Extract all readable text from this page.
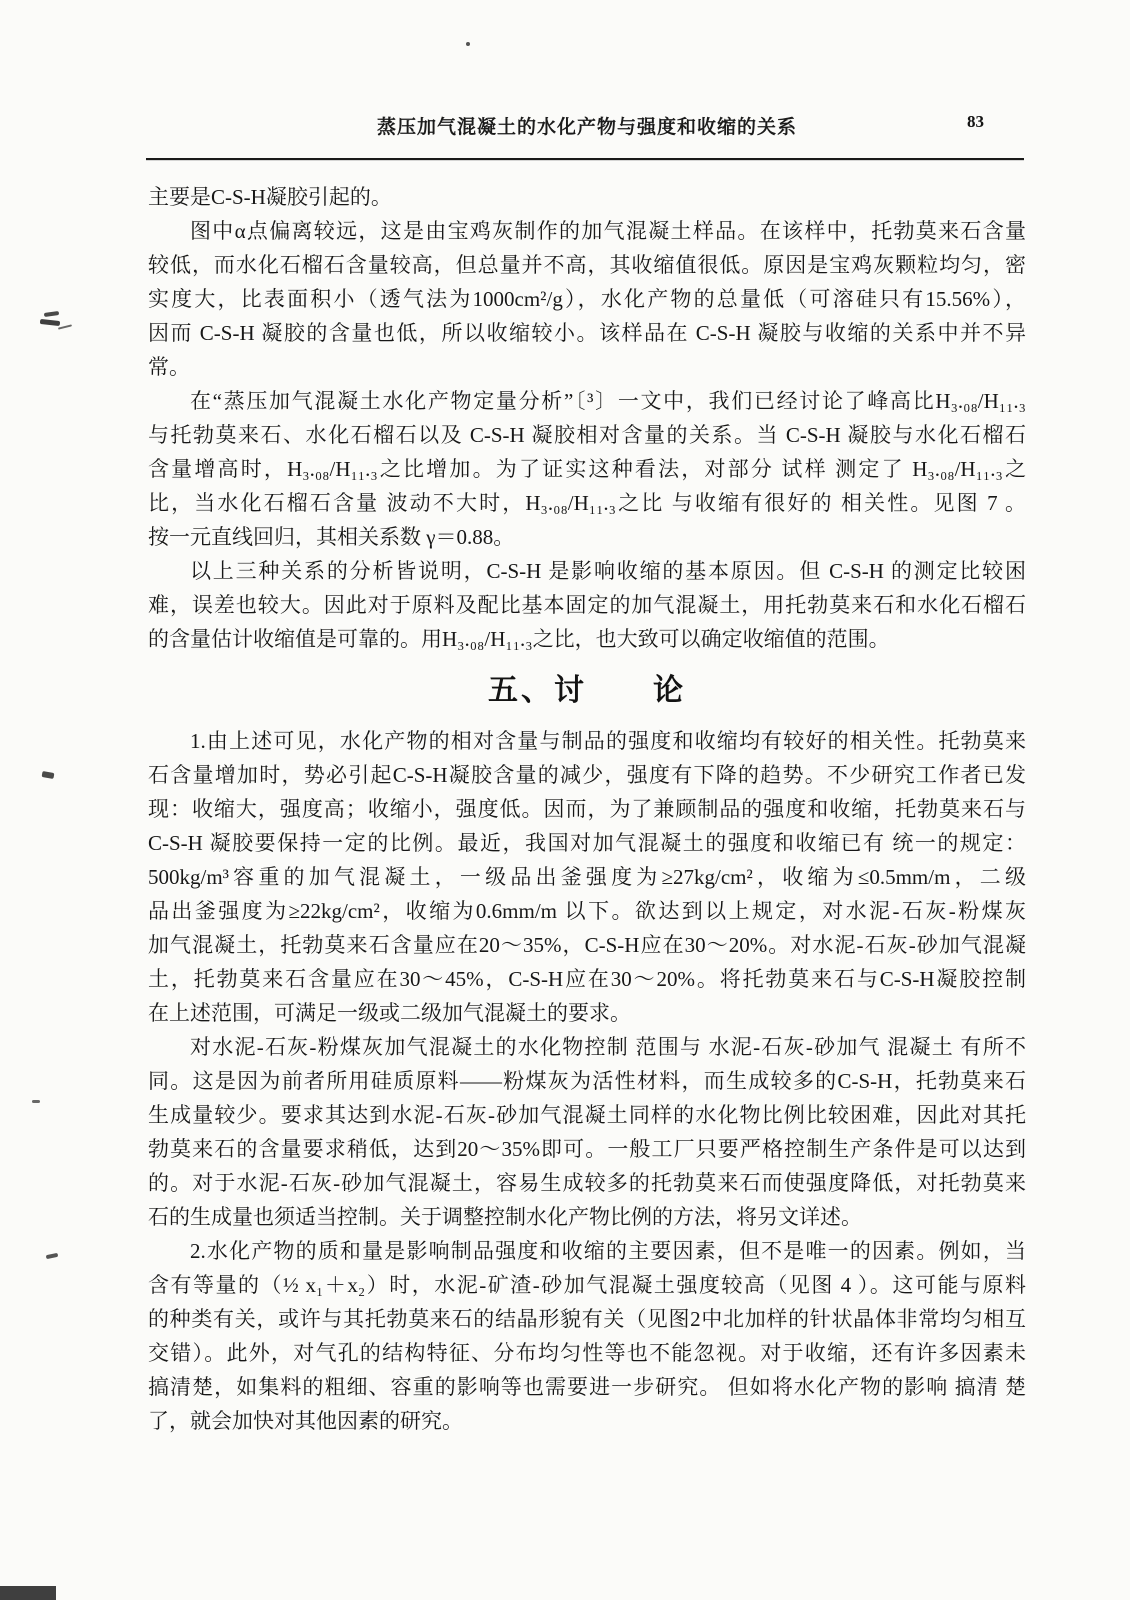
蒸压加气混凝土的水化产物与强度和收缩的关系	83
主要是C-S-H凝胶引起的。
图中α点偏离较远，这是由宝鸡灰制作的加气混凝土样品。在该样中，托勃莫来石含量
较低，而水化石榴石含量较高，但总量并不高，其收缩值很低。原因是宝鸡灰颗粒均匀，密
实度大，比表面积小（透气法为1000cm²/g），水化产物的总量低（可溶硅只有15.56%），
因而 C-S-H 凝胶的含量也低，所以收缩较小。该样品在 C-S-H 凝胶与收缩的关系中并不异
常。
在“蒸压加气混凝土水化产物定量分析”〔³〕一文中，我们已经讨论了峰高比H₃.₀₈/H₁₁.₃
与托勃莫来石、水化石榴石以及 C-S-H 凝胶相对含量的关系。当 C-S-H 凝胶与水化石榴石
含量增高时，H₃.₀₈/H₁₁.₃之比增加。为了证实这种看法，对部分 试样 测定了 H₃.₀₈/H₁₁.₃之
比，当水化石榴石含量 波动不大时，H₃.₀₈/H₁₁.₃之比 与收缩有很好的 相关性。见图 7 。
按一元直线回归，其相关系数 γ＝0.88。
以上三种关系的分析皆说明，C-S-H 是影响收缩的基本原因。但 C-S-H 的测定比较困
难，误差也较大。因此对于原料及配比基本固定的加气混凝土，用托勃莫来石和水化石榴石
的含量估计收缩值是可靠的。用H₃.₀₈/H₁₁.₃之比，也大致可以确定收缩值的范围。
五、讨　　论
1.由上述可见，水化产物的相对含量与制品的强度和收缩均有较好的相关性。托勃莫来
石含量增加时，势必引起C-S-H凝胶含量的减少，强度有下降的趋势。不少研究工作者已发
现：收缩大，强度高；收缩小，强度低。因而，为了兼顾制品的强度和收缩，托勃莫来石与
C-S-H 凝胶要保持一定的比例。最近，我国对加气混凝土的强度和收缩已有 统一的规定：
500kg/m³容重的加气混凝土，一级品出釜强度为≥27kg/cm²，收缩为≤0.5mm/m，二级
品出釜强度为≥22kg/cm²，收缩为0.6mm/m 以下。欲达到以上规定，对水泥-石灰-粉煤灰
加气混凝土，托勃莫来石含量应在20～35%，C-S-H应在30～20%。对水泥-石灰-砂加气混凝
土，托勃莫来石含量应在30～45%，C-S-H应在30～20%。将托勃莫来石与C-S-H凝胶控制
在上述范围，可满足一级或二级加气混凝土的要求。
对水泥-石灰-粉煤灰加气混凝土的水化物控制 范围与 水泥-石灰-砂加气 混凝土 有所不
同。这是因为前者所用硅质原料——粉煤灰为活性材料，而生成较多的C-S-H，托勃莫来石
生成量较少。要求其达到水泥-石灰-砂加气混凝土同样的水化物比例比较困难，因此对其托
勃莫来石的含量要求稍低，达到20～35%即可。一般工厂只要严格控制生产条件是可以达到
的。对于水泥-石灰-砂加气混凝土，容易生成较多的托勃莫来石而使强度降低，对托勃莫来
石的生成量也须适当控制。关于调整控制水化产物比例的方法，将另文详述。
2.水化产物的质和量是影响制品强度和收缩的主要因素，但不是唯一的因素。例如，当
含有等量的（½ x₁＋x₂）时，水泥-矿渣-砂加气混凝土强度较高（见图 4 ）。这可能与原料
的种类有关，或许与其托勃莫来石的结晶形貌有关（见图2中北加样的针状晶体非常均匀相互
交错）。此外，对气孔的结构特征、分布均匀性等也不能忽视。对于收缩，还有许多因素未
搞清楚，如集料的粗细、容重的影响等也需要进一步研究。 但如将水化产物的影响 搞清 楚
了，就会加快对其他因素的研究。
